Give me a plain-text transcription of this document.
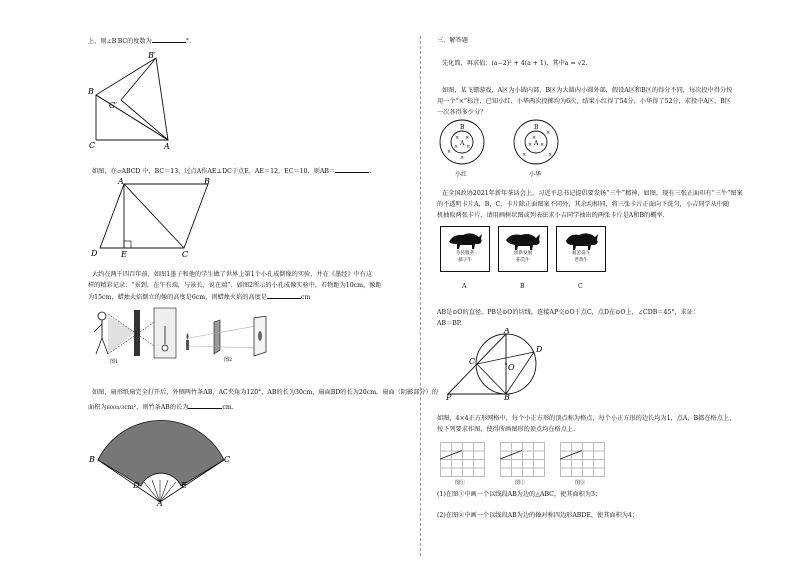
上，则∠B′BC的度数为	°.
B′
B
C′
C	A
如图，在▱ABCD 中，BC＝13，过点A作AE⊥DC于点E，AE＝12，EC＝10，则AB＝	.
A	B
D	E	C
大约在两千四百年前，如图1墨子和他的学生做了世界上第1个小孔成倒像的实验，并在《墨经》中有这
样的精彩记录：“景到，在午有端，与景长，说在端”．如图2所示的小孔成像实验中，若物距为10cm，像距
为15cm，蜡烛火焰倒立的像的高度是6cm，则蜡烛火焰的高度是	cm
图1	图2
如图，扇形纸扇完全打开后，外侧两竹条AB，AC夹角为120°，AB的长为30cm，扇面BD的长为20cm，扇面（阴影部分）的
面积为800π/3cm²，则竹条AB的长为	cm.
B	C
D	E
A
三、解答题
先化简，再求值：(a−2)² + 4(a + 1)，其中a = √2.
如图，某飞镖游戏，A区为小圆内部，B区为大圆内小圆外部，假设A区和B区的得分不同，每次投中得分按
用一个“×”标注，已知小红、小华两次投掷均为6次，结果小红得了54分，小华得了52分，求投中A区、B区
一次各得多少分？
× ×
× ×
×
×
×
× ×
×
×	×
B
A
B
A
小红	小华
在全国政协2021年新年茶话会上，习近平总书记提倡要发扬“三牛”精神，如图，现有三张正面印有“三牛”图案
的不透明卡片A，B，C，卡片除正面图案不同外，其余均相同，将三张卡片正面向下洗匀，小吉同学从中随
机抽取两张卡片，请用画树状图或列表法求小吉同学抽出的两张卡片是A和B的概率.
为民服务
孺子牛
A
创新发展
拓荒牛
B
艰苦奋斗
老黄牛
C
AB是⊙O的直径，PB是⊙O的切线，连接AP交⊙O于点C，点D在⊙O上，∠CDB＝45°，求证：
AB＝BP.
A
B
C
D
O
P
如图，4×4正方形网格中，每个小正方形的顶点称为格点，每个小正方形的边长均为1，点A，B都在格点上，
按下列要求作图，使得所画图形的顶点均在格点上.
图①	图②	图③
(1)在图①中画一个以线段AB为边的△ABC，使其面积为3；
(2)在图②中画一个以线段AB为边的轴对称四边形ABDE，使其面积为4；
